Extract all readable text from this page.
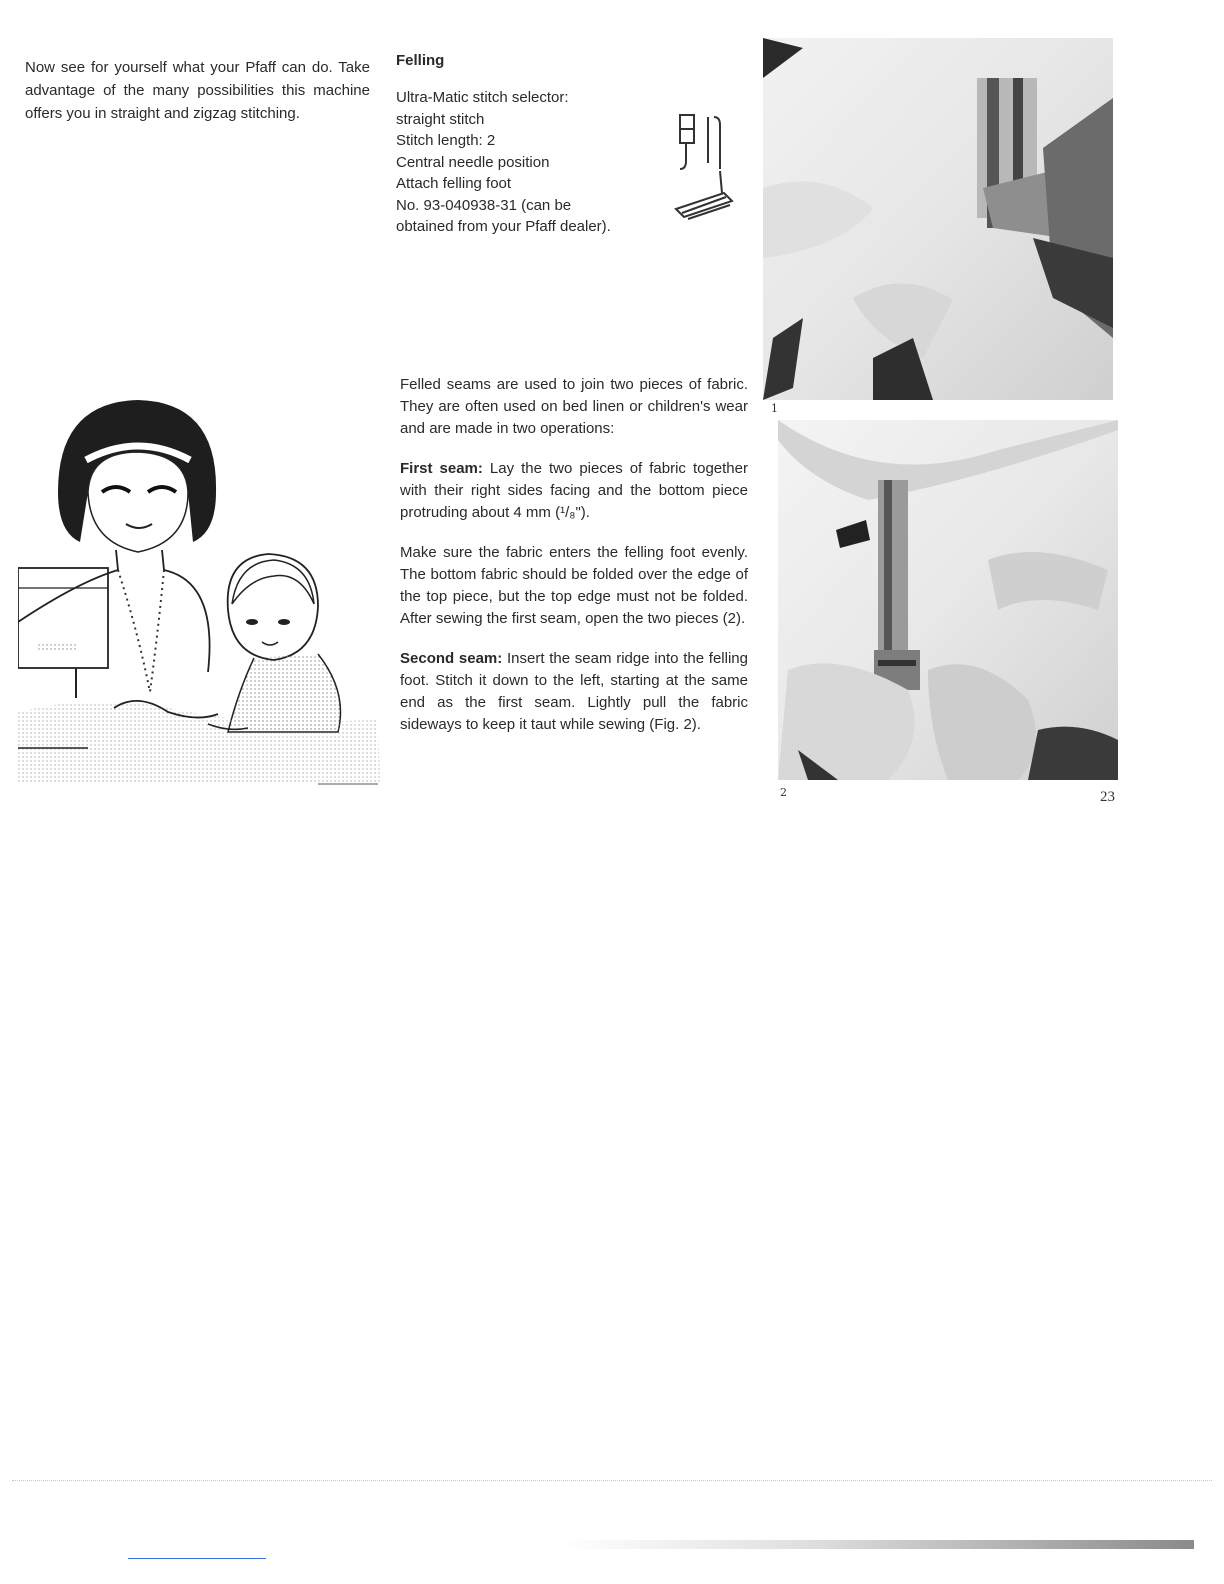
Now see for yourself what your Pfaff can do. Take advantage of the many possibilities this machine offers you in straight and zigzag stitching.

Felling

Ultra-Matic stitch selector:

straight stitch

Stitch length: 2

Central needle position

Attach felling foot

No. 93-040938-31 (can be

obtained from your Pfaff dealer).

Felled seams are used to join two pieces of fabric. They are often used on bed linen or children's wear and are made in two operations:

First seam: Lay the two pieces of fabric together with their right sides facing and the bottom piece protruding about 4 mm (¹/₈").

Make sure the fabric enters the felling foot evenly. The bottom fabric should be folded over the edge of the top piece, but the top edge must not be folded. After sewing the first seam, open the two pieces (2).

Second seam: Insert the seam ridge into the felling foot. Stitch it down to the left, starting at the same end as the first seam. Lightly pull the fabric sideways to keep it taut while sewing (Fig. 2).

1
2	23
